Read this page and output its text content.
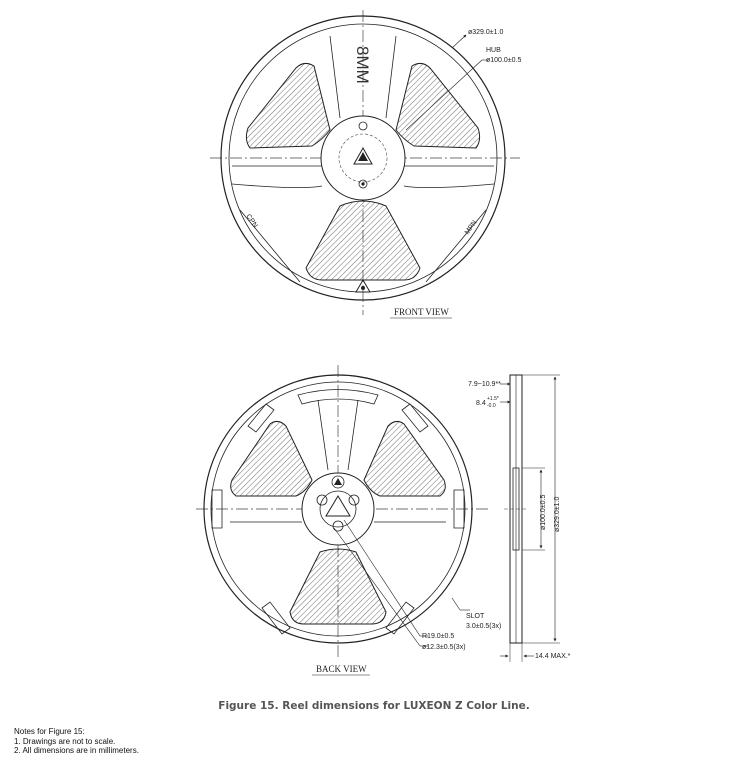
ø329.0±1.0
HUB
ø100.0±0.5
8MM
CPN	MPN
FRONT VIEW
R19.0±0.5
ø12.3±0.5(3x)
SLOT
3.0±0.5(3x)
BACK VIEW
7.9~10.9**
8.4
+1.5*
-0.0
ø100.0±0.5 ø329.0±1.0
14.4 MAX.*
Figure 15. Reel dimensions for LUXEON Z Color Line.
Notes for Figure 15:
1. Drawings are not to scale.
2. All dimensions are in millimeters.
